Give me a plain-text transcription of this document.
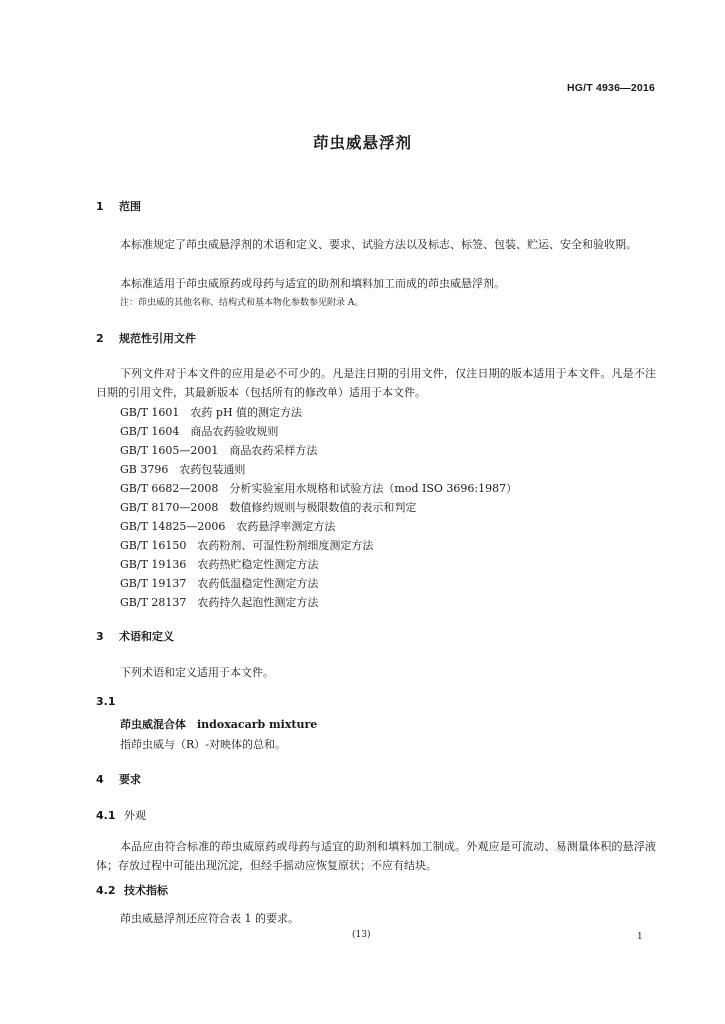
HG/T 4936—2016
茚虫威悬浮剂
1 范围
本标准规定了茚虫威悬浮剂的术语和定义、要求、试验方法以及标志、标签、包装、贮运、安全和验收期。
本标准适用于茚虫威原药或母药与适宜的助剂和填料加工而成的茚虫威悬浮剂。
注：茚虫威的其他名称、结构式和基本物化参数参见附录 A。
2 规范性引用文件
下列文件对于本文件的应用是必不可少的。凡是注日期的引用文件，仅注日期的版本适用于本文件。凡是不注日期的引用文件，其最新版本（包括所有的修改单）适用于本文件。
GB/T 1601　农药 pH 值的测定方法
GB/T 1604　商品农药验收规则
GB/T 1605—2001　商品农药采样方法
GB 3796　农药包装通则
GB/T 6682—2008　分析实验室用水规格和试验方法（mod ISO 3696:1987）
GB/T 8170—2008　数值修约规则与极限数值的表示和判定
GB/T 14825—2006　农药悬浮率测定方法
GB/T 16150　农药粉剂、可湿性粉剂细度测定方法
GB/T 19136　农药热贮稳定性测定方法
GB/T 19137　农药低温稳定性测定方法
GB/T 28137　农药持久起泡性测定方法
3 术语和定义
下列术语和定义适用于本文件。
3.1
茚虫威混合体　 indoxacarb mixture
指茚虫威与（R）-对映体的总和。
4 要求
4.1 外观
本品应由符合标准的茚虫威原药或母药与适宜的助剂和填料加工制成。外观应是可流动、易测量体积的悬浮液体；存放过程中可能出现沉淀，但经手摇动应恢复原状；不应有结块。
4.2 技术指标
茚虫威悬浮剂还应符合表 1 的要求。
(13)	1
